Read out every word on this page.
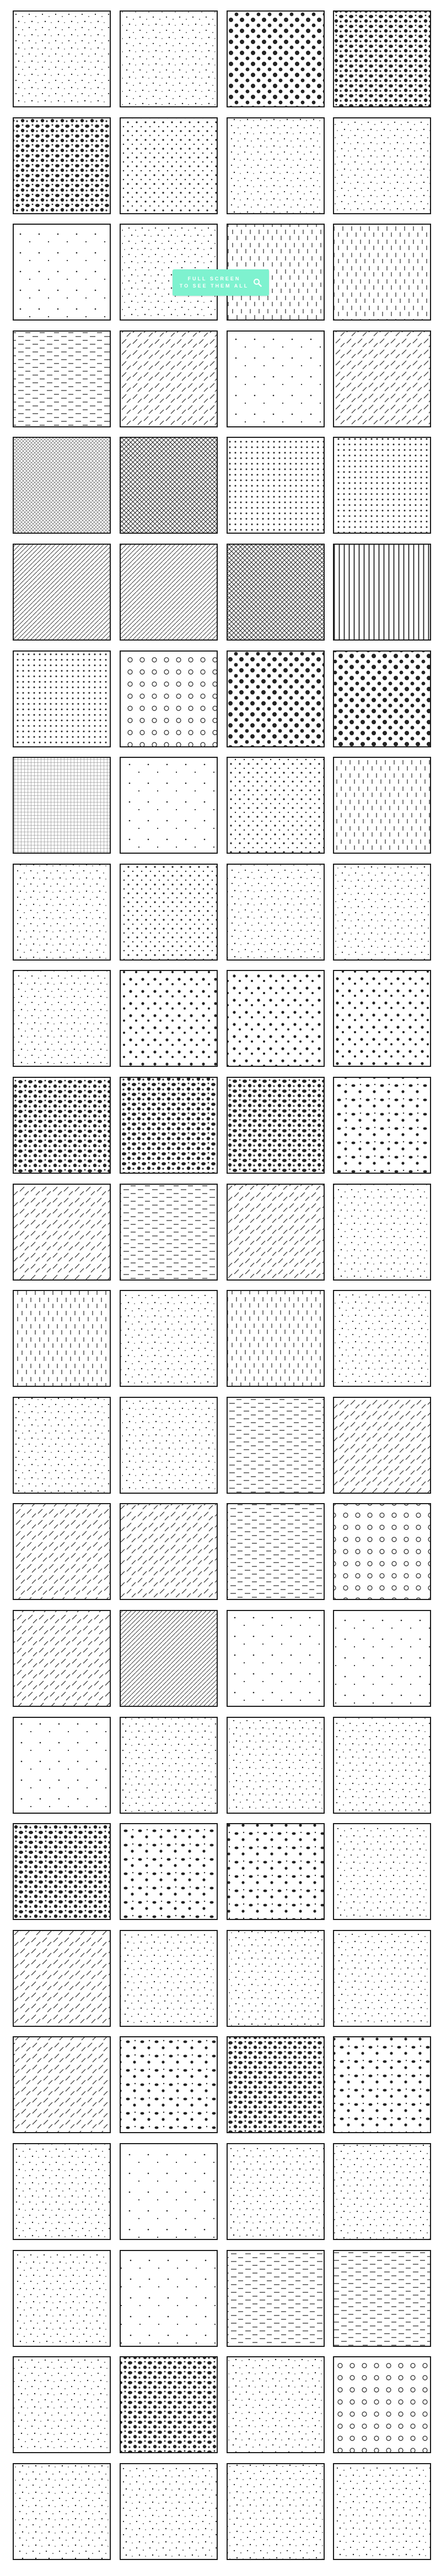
FULL SCREEN
TO SEE THEM ALL
